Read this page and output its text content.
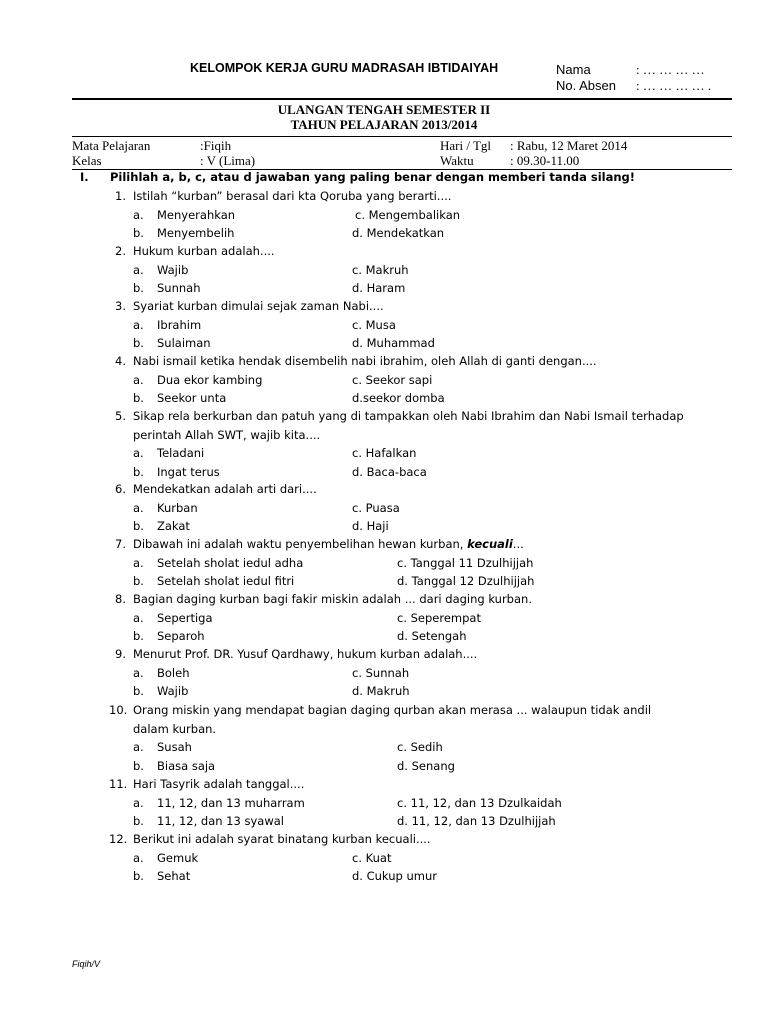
KELOMPOK KERJA GURU MADRASAH IBTIDAIYAH	Nama	: … … … …
No. Absen : … … … … .
ULANGAN TENGAH SEMESTER II
TAHUN PELAJARAN 2013/2014
Mata Pelajaran	:Fiqih	Hari / Tgl : Rabu, 12 Maret 2014
Kelas	: V (Lima)	Waktu	: 09.30-11.00
I. Pilihlah a, b, c, atau d jawaban yang paling benar dengan memberi tanda silang!
1. Istilah “kurban” berasal dari kta Qoruba yang berarti....
a. Menyerahkan	c. Mengembalikan
b. Menyembelih	d. Mendekatkan
2. Hukum kurban adalah....
a. Wajib	c. Makruh
b. Sunnah	d. Haram
3. Syariat kurban dimulai sejak zaman Nabi....
a. Ibrahim	c. Musa
b. Sulaiman	d. Muhammad
4. Nabi ismail ketika hendak disembelih nabi ibrahim, oleh Allah di ganti dengan....
a. Dua ekor kambing	c. Seekor sapi
b. Seekor unta	d.seekor domba
5. Sikap rela berkurban dan patuh yang di tampakkan oleh Nabi Ibrahim dan Nabi Ismail terhadap
perintah Allah SWT, wajib kita....
a. Teladani	c. Hafalkan
b. Ingat terus	d. Baca-baca
6. Mendekatkan adalah arti dari....
a. Kurban	c. Puasa
b. Zakat	d. Haji
7. Dibawah ini adalah waktu penyembelihan hewan kurban, kecuali...
a. Setelah sholat iedul adha	c. Tanggal 11 Dzulhijjah
b. Setelah sholat iedul fitri	d. Tanggal 12 Dzulhijjah
8. Bagian daging kurban bagi fakir miskin adalah ... dari daging kurban.
a. Sepertiga	c. Seperempat
b. Separoh	d. Setengah
9. Menurut Prof. DR. Yusuf Qardhawy, hukum kurban adalah....
a. Boleh	c. Sunnah
b. Wajib	d. Makruh
10. Orang miskin yang mendapat bagian daging qurban akan merasa ... walaupun tidak andil
dalam kurban.
a. Susah	c. Sedih
b. Biasa saja	d. Senang
11. Hari Tasyrik adalah tanggal....
a. 11, 12, dan 13 muharram	c. 11, 12, dan 13 Dzulkaidah
b. 11, 12, dan 13 syawal	d. 11, 12, dan 13 Dzulhijjah
12. Berikut ini adalah syarat binatang kurban kecuali....
a. Gemuk	c. Kuat
b. Sehat	d. Cukup umur
Fiqih/V
